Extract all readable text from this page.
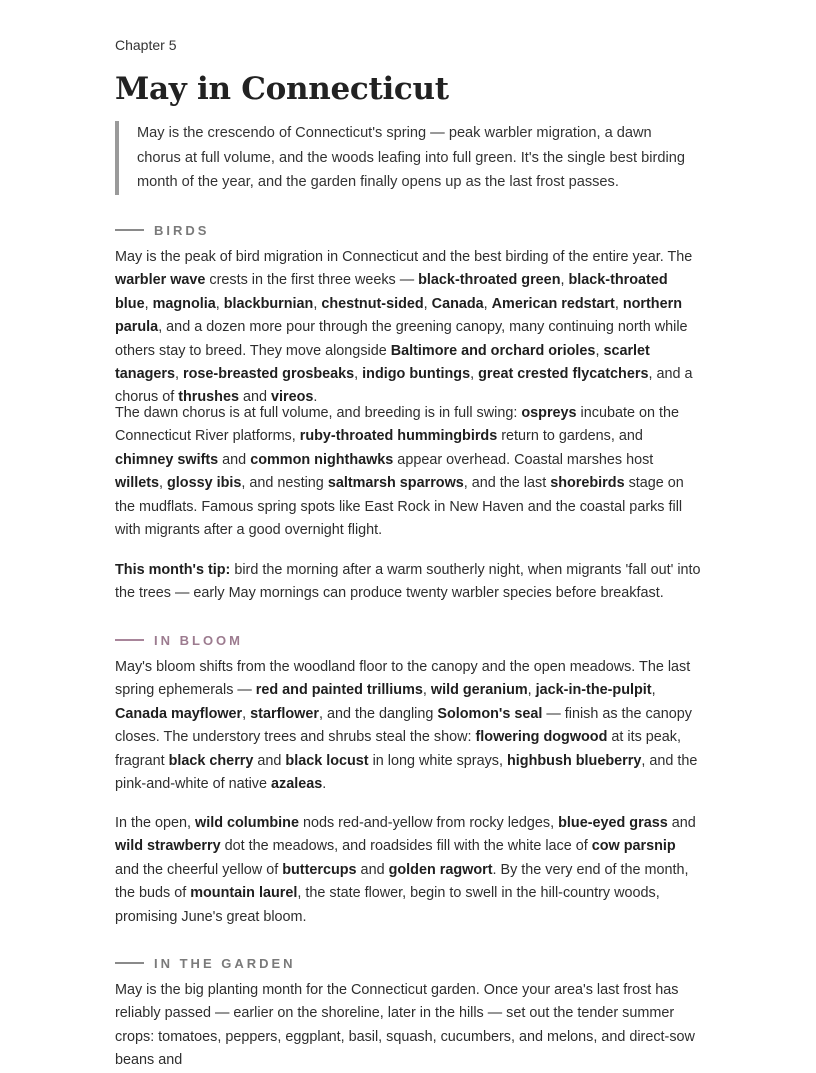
Chapter 5
May in Connecticut
May is the crescendo of Connecticut's spring — peak warbler migration, a dawn chorus at full volume, and the woods leafing into full green. It's the single best birding month of the year, and the garden finally opens up as the last frost passes.
BIRDS

May is the peak of bird migration in Connecticut and the best birding of the entire year. The warbler wave crests in the first three weeks — black-throated green, black-throated blue, magnolia, blackburnian, chestnut-sided, Canada, American redstart, northern parula, and a dozen more pour through the greening canopy, many continuing north while others stay to breed. They move alongside Baltimore and orchard orioles, scarlet tanagers, rose-breasted grosbeaks, indigo buntings, great crested flycatchers, and a chorus of thrushes and vireos.

The dawn chorus is at full volume, and breeding is in full swing: ospreys incubate on the Connecticut River platforms, ruby-throated hummingbirds return to gardens, and chimney swifts and common nighthawks appear overhead. Coastal marshes host willets, glossy ibis, and nesting saltmarsh sparrows, and the last shorebirds stage on the mudflats. Famous spring spots like East Rock in New Haven and the coastal parks fill with migrants after a good overnight flight.

This month's tip: bird the morning after a warm southerly night, when migrants 'fall out' into the trees — early May mornings can produce twenty warbler species before breakfast.

IN BLOOM

May's bloom shifts from the woodland floor to the canopy and the open meadows. The last spring ephemerals — red and painted trilliums, wild geranium, jack-in-the-pulpit, Canada mayflower, starflower, and the dangling Solomon's seal — finish as the canopy closes. The understory trees and shrubs steal the show: flowering dogwood at its peak, fragrant black cherry and black locust in long white sprays, highbush blueberry, and the pink-and-white of native azaleas.

In the open, wild columbine nods red-and-yellow from rocky ledges, blue-eyed grass and wild strawberry dot the meadows, and roadsides fill with the white lace of cow parsnip and the cheerful yellow of buttercups and golden ragwort. By the very end of the month, the buds of mountain laurel, the state flower, begin to swell in the hill-country woods, promising June's great bloom.

IN THE GARDEN

May is the big planting month for the Connecticut garden. Once your area's last frost has reliably passed — earlier on the shoreline, later in the hills — set out the tender summer crops: tomatoes, peppers, eggplant, basil, squash, cucumbers, and melons, and direct-sow beans and
